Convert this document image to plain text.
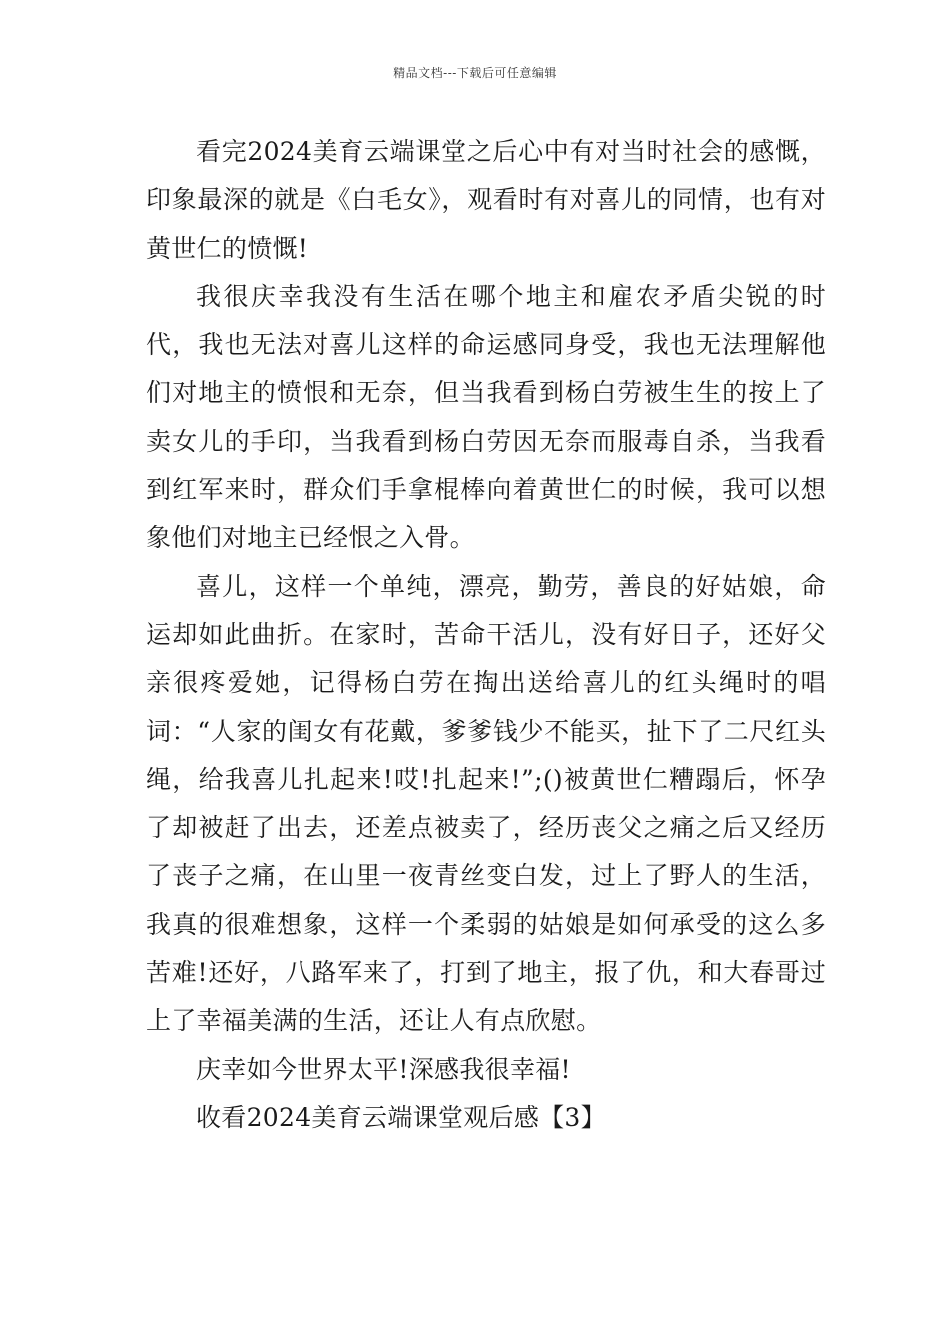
精品文档---下载后可任意编辑

看完2024美育云端课堂之后心中有对当时社会的感慨，印象最深的就是《白毛女》，观看时有对喜儿的同情，也有对黄世仁的愤慨!

我很庆幸我没有生活在哪个地主和雇农矛盾尖锐的时代，我也无法对喜儿这样的命运感同身受，我也无法理解他们对地主的愤恨和无奈，但当我看到杨白劳被生生的按上了卖女儿的手印，当我看到杨白劳因无奈而服毒自杀，当我看到红军来时，群众们手拿棍棒向着黄世仁的时候，我可以想象他们对地主已经恨之入骨。

喜儿，这样一个单纯，漂亮，勤劳，善良的好姑娘，命运却如此曲折。在家时，苦命干活儿，没有好日子，还好父亲很疼爱她，记得杨白劳在掏出送给喜儿的红头绳时的唱词：“人家的闺女有花戴，爹爹钱少不能买，扯下了二尺红头绳，给我喜儿扎起来!哎!扎起来!”;()被黄世仁糟蹋后，怀孕了却被赶了出去，还差点被卖了，经历丧父之痛之后又经历了丧子之痛，在山里一夜青丝变白发，过上了野人的生活，我真的很难想象，这样一个柔弱的姑娘是如何承受的这么多苦难!还好，八路军来了，打到了地主，报了仇，和大春哥过上了幸福美满的生活，还让人有点欣慰。

庆幸如今世界太平!深感我很幸福!

收看2024美育云端课堂观后感【3】
